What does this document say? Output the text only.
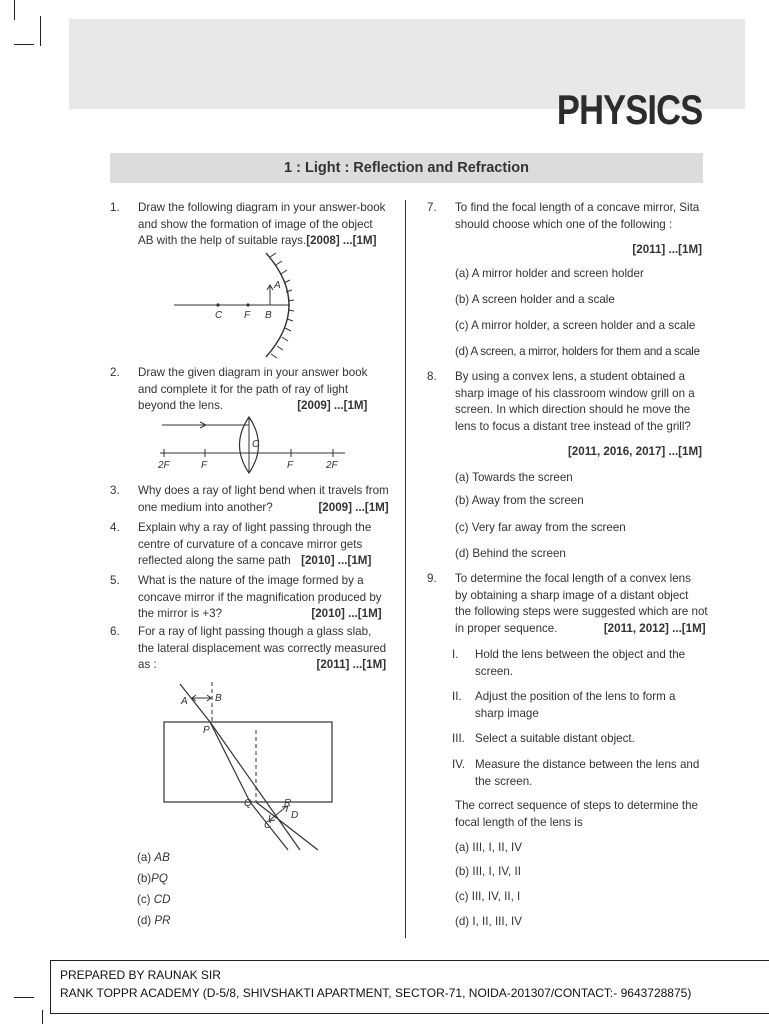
PHYSICS
1 : Light : Reflection and Refraction
1. Draw the following diagram in your answer-book
and show the formation of image of the object
AB with the help of suitable rays.[2008] ...[1M]
C F B
A
2. Draw the given diagram in your answer book
and complete it for the path of ray of light
beyond the lens.	[2009] ...[1M]
2F	F
C
F	2F
3. Why does a ray of light bend when it travels from
one medium into another?	[2009] ...[1M]
4. Explain why a ray of light passing through the
centre of curvature of a concave mirror gets
reflected along the same path [2010] ...[1M]
5. What is the nature of the image formed by a
concave mirror if the magnification produced by
the mirror is +3?	[2010] ...[1M]
6. For a ray of light passing though a glass slab,
the lateral displacement was correctly measured
as :	[2011] ...[1M]
A	B
P
Q	R
C
D
(a) AB
(b)PQ
(c) CD
(d) PR
7. To find the focal length of a concave mirror, Sita
should choose which one of the following :
[2011] ...[1M]
(a) A mirror holder and screen holder
(b) A screen holder and a scale
(c) A mirror holder, a screen holder and a scale
(d) A screen, a mirror, holders for them and a scale
8. By using a convex lens, a student obtained a
sharp image of his classroom window grill on a
screen. In which direction should he move the
lens to focus a distant tree instead of the grill?
[2011, 2016, 2017] ...[1M]
(a) Towards the screen
(b) Away from the screen
(c) Very far away from the screen
(d) Behind the screen
9. To determine the focal length of a convex lens
by obtaining a sharp image of a distant object
the following steps were suggested which are not
in proper sequence.	[2011, 2012] ...[1M]
I. Hold the lens between the object and the
screen.
II. Adjust the position of the lens to form a
sharp image
III. Select a suitable distant object.
IV. Measure the distance between the lens and
the screen.
The correct sequence of steps to determine the
focal length of the lens is
(a) III, I, II, IV
(b) III, I, IV, II
(c) III, IV, II, I
(d) I, II, III, IV
PREPARED BY RAUNAK SIR
RANK TOPPR ACADEMY (D-5/8, SHIVSHAKTI APARTMENT, SECTOR-71, NOIDA-201307/CONTACT:- 9643728875)
